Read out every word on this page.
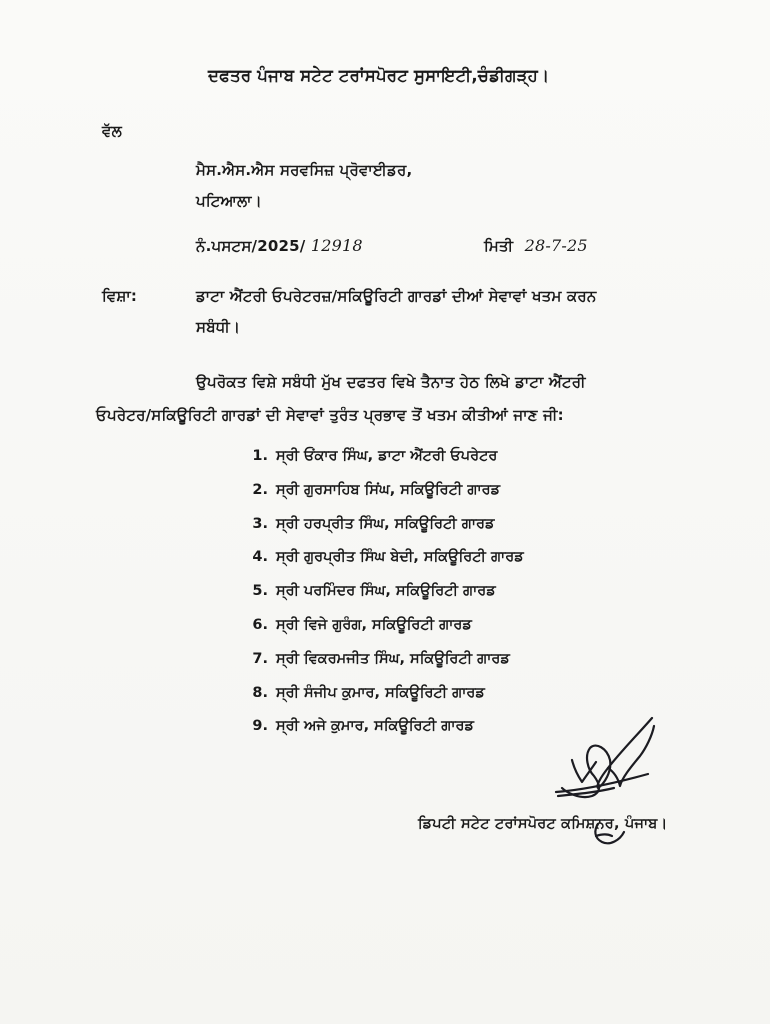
ਦਫਤਰ ਪੰਜਾਬ ਸਟੇਟ ਟਰਾਂਸਪੋਰਟ ਸੁਸਾਇਟੀ,ਚੰਡੀਗੜ੍ਹ।
ਵੱਲ
ਮੈਸ.ਐਸ.ਐਸ ਸਰਵਸਿਜ਼ ਪ੍ਰੋਵਾਈਡਰ,
ਪਟਿਆਲਾ।
ਨੰ.ਪਸਟਸ/2025/ 12918	ਮਿਤੀ 28-7-25
ਵਿਸ਼ਾ:	ਡਾਟਾ ਐਂਟਰੀ ਓਪਰੇਟਰਜ਼/ਸਕਿਊਰਿਟੀ ਗਾਰਡਾਂ ਦੀਆਂ ਸੇਵਾਵਾਂ ਖਤਮ ਕਰਨ
ਸਬੰਧੀ।
ਉਪਰੋਕਤ ਵਿਸ਼ੇ ਸਬੰਧੀ ਮੁੱਖ ਦਫਤਰ ਵਿਖੇ ਤੈਨਾਤ ਹੇਠ ਲਿਖੇ ਡਾਟਾ ਐਂਟਰੀ
ਓਪਰੇਟਰ/ਸਕਿਊਰਿਟੀ ਗਾਰਡਾਂ ਦੀ ਸੇਵਾਵਾਂ ਤੁਰੰਤ ਪ੍ਰਭਾਵ ਤੋਂ ਖਤਮ ਕੀਤੀਆਂ ਜਾਣ ਜੀ:
1. ਸ੍ਰੀ ਓਂਕਾਰ ਸਿੰਘ, ਡਾਟਾ ਐਂਟਰੀ ਓਪਰੇਟਰ
2. ਸ੍ਰੀ ਗੁਰਸਾਹਿਬ ਸਿਂਘ, ਸਕਿਊਰਿਟੀ ਗਾਰਡ
3. ਸ੍ਰੀ ਹਰਪ੍ਰੀਤ ਸਿੰਘ, ਸਕਿਊਰਿਟੀ ਗਾਰਡ
4. ਸ੍ਰੀ ਗੁਰਪ੍ਰੀਤ ਸਿੰਘ ਬੇਦੀ, ਸਕਿਊਰਿਟੀ ਗਾਰਡ
5. ਸ੍ਰੀ ਪਰਮਿੰਦਰ ਸਿੰਘ, ਸਕਿਊਰਿਟੀ ਗਾਰਡ
6. ਸ੍ਰੀ ਵਿਜੇ ਗੁਰੰਗ, ਸਕਿਊਰਿਟੀ ਗਾਰਡ
7. ਸ੍ਰੀ ਵਿਕਰਮਜੀਤ ਸਿੰਘ, ਸਕਿਊਰਿਟੀ ਗਾਰਡ
8. ਸ੍ਰੀ ਸੰਜੀਪ ਕੁਮਾਰ, ਸਕਿਊਰਿਟੀ ਗਾਰਡ
9. ਸ੍ਰੀ ਅਜੇ ਕੁਮਾਰ, ਸਕਿਊਰਿਟੀ ਗਾਰਡ
ਡਿਪਟੀ ਸਟੇਟ ਟਰਾਂਸਪੋਰਟ ਕਮਿਸ਼ਨਰ, ਪੰਜਾਬ।
